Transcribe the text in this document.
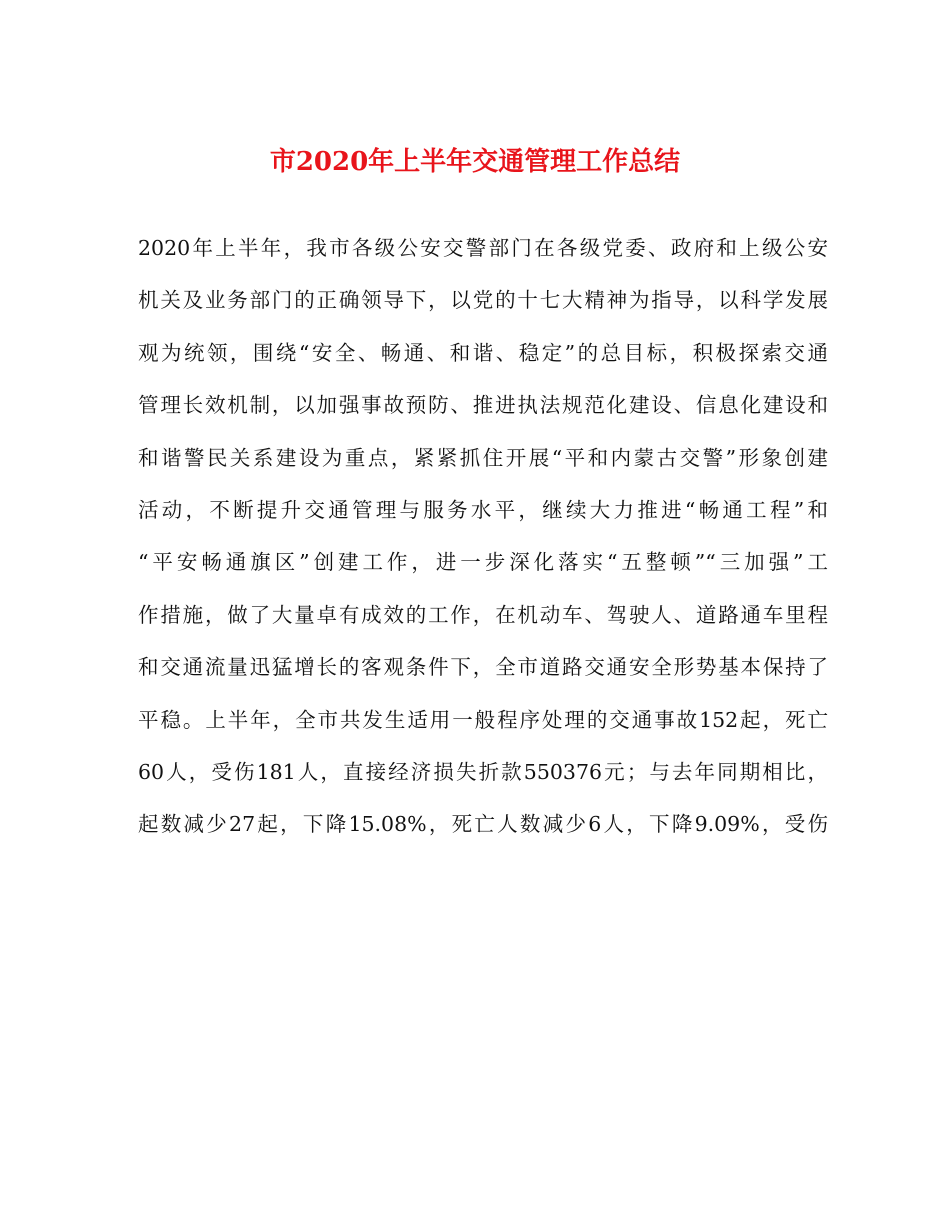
市2020年上半年交通管理工作总结
2020年上半年，我市各级公安交警部门在各级党委、政府和上级公安
机关及业务部门的正确领导下，以党的十七大精神为指导，以科学发展
观为统领，围绕“安全、畅通、和谐、稳定”的总目标，积极探索交通
管理长效机制，以加强事故预防、推进执法规范化建设、信息化建设和
和谐警民关系建设为重点，紧紧抓住开展“平和内蒙古交警”形象创建
活动，不断提升交通管理与服务水平，继续大力推进“畅通工程”和
“平安畅通旗区”创建工作，进一步深化落实“五整顿”“三加强”工
作措施，做了大量卓有成效的工作，在机动车、驾驶人、道路通车里程
和交通流量迅猛增长的客观条件下，全市道路交通安全形势基本保持了
平稳。上半年，全市共发生适用一般程序处理的交通事故152起，死亡
60人，受伤181人，直接经济损失折款550376元；与去年同期相比，
起数减少27起，下降15.08%，死亡人数减少6人，下降9.09%，受伤
